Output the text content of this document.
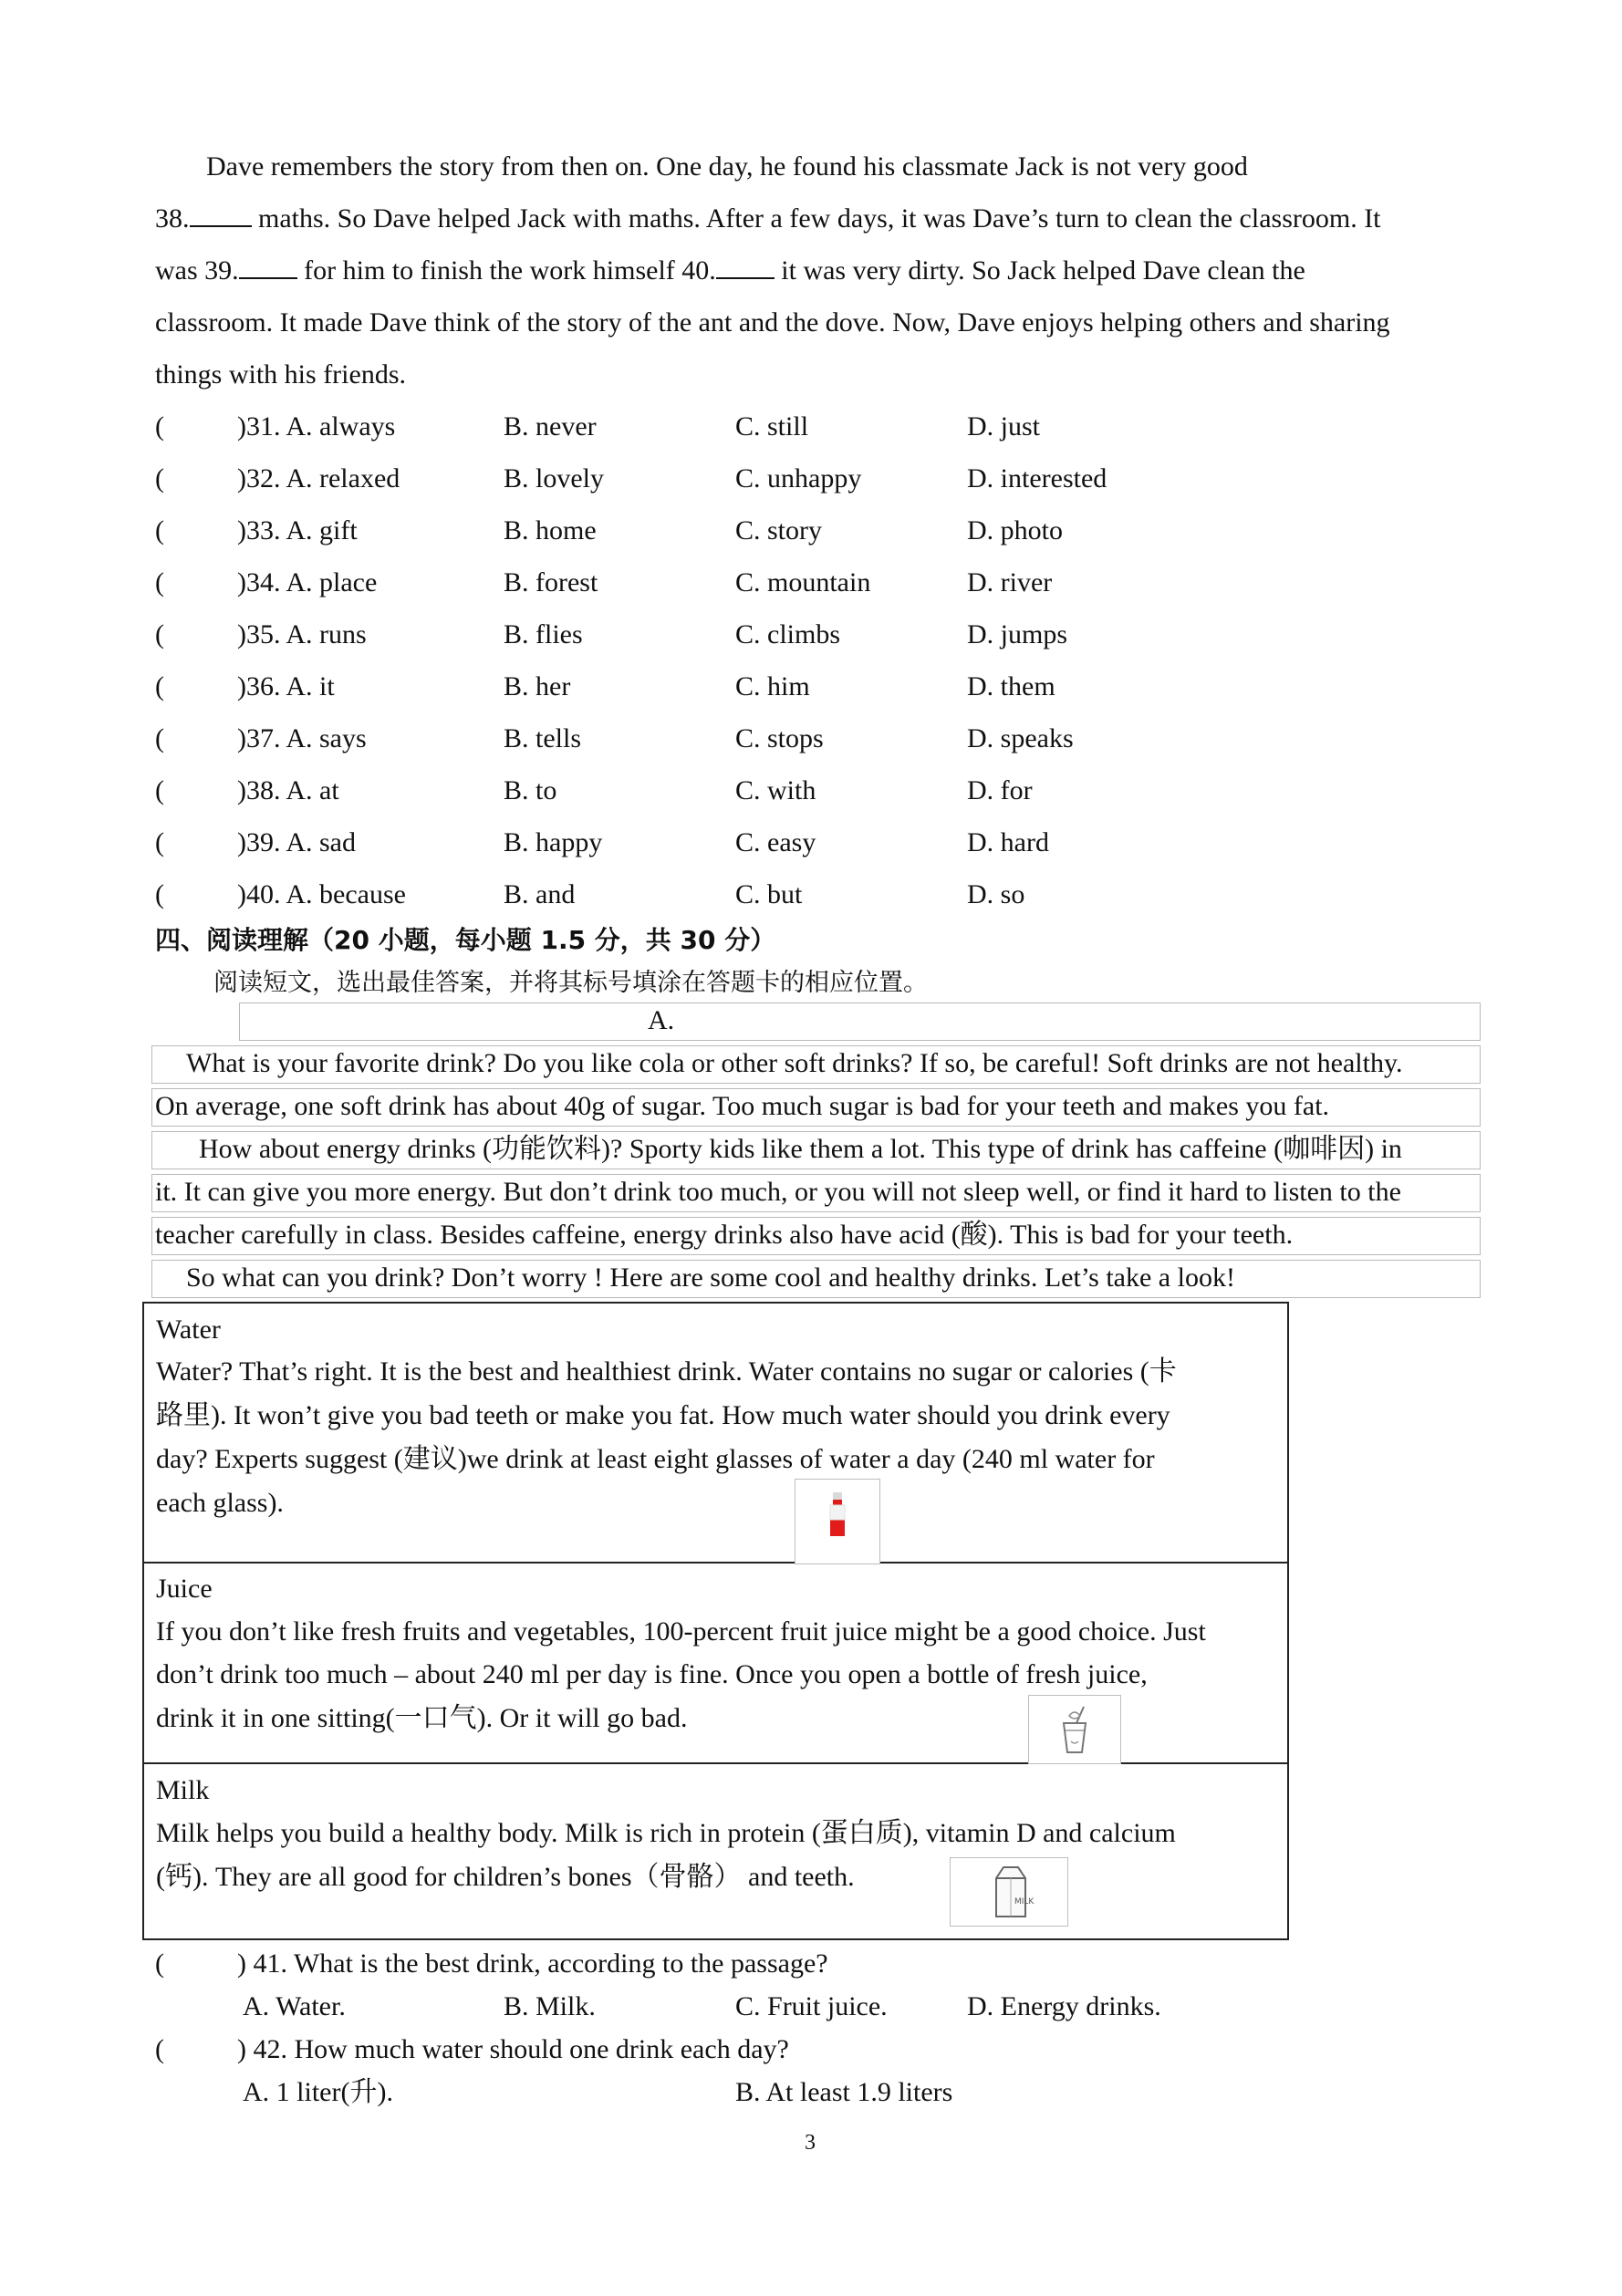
Dave remembers the story from then on. One day, he found his classmate Jack is not very good
38. maths. So Dave helped Jack with maths. After a few days, it was Dave’s turn to clean the classroom. It
was 39. for him to finish the work himself 40. it was very dirty. So Jack helped Dave clean the
classroom. It made Dave think of the story of the ant and the dove. Now, Dave enjoys helping others and sharing
things with his friends.
(	)31. A. always	B. never	C. still	D. just
(	)32. A. relaxed	B. lovely	C. unhappy	D. interested
(	)33. A. gift	B. home	C. story	D. photo
(	)34. A. place	B. forest	C. mountain	D. river
(	)35. A. runs	B. flies	C. climbs	D. jumps
(	)36. A. it	B. her	C. him	D. them
(	)37. A. says	B. tells	C. stops	D. speaks
(	)38. A. at	B. to	C. with	D. for
(	)39. A. sad	B. happy	C. easy	D. hard
(	)40. A. because	B. and	C. but	D. so
四、阅读理解（20 小题，每小题 1.5 分，共 30 分）
阅读短文，选出最佳答案，并将其标号填涂在答题卡的相应位置。
A.
What is your favorite drink? Do you like cola or other soft drinks? If so, be careful! Soft drinks are not healthy.
On average, one soft drink has about 40g of sugar. Too much sugar is bad for your teeth and makes you fat.
How about energy drinks (功能饮料)? Sporty kids like them a lot. This type of drink has caffeine (咖啡因) in
it. It can give you more energy. But don’t drink too much, or you will not sleep well, or find it hard to listen to the
teacher carefully in class. Besides caffeine, energy drinks also have acid (酸). This is bad for your teeth.
So what can you drink? Don’t worry ! Here are some cool and healthy drinks. Let’s take a look!
Water
Water? That’s right. It is the best and healthiest drink. Water contains no sugar or calories (卡
路里). It won’t give you bad teeth or make you fat. How much water should you drink every
day? Experts suggest (建议)we drink at least eight glasses of water a day (240 ml water for
each glass).
Juice
If you don’t like fresh fruits and vegetables, 100-percent fruit juice might be a good choice. Just
don’t drink too much – about 240 ml per day is fine. Once you open a bottle of fresh juice,
drink it in one sitting(一口气). Or it will go bad.
Milk
Milk helps you build a healthy body. Milk is rich in protein (蛋白质), vitamin D and calcium
(钙). They are all good for children’s bones（骨骼） and teeth.
MILK
(	) 41. What is the best drink, according to the passage?
A. Water.	B. Milk.	C. Fruit juice.	D. Energy drinks.
(	) 42. How much water should one drink each day?
A. 1 liter(升).	B. At least 1.9 liters
3
